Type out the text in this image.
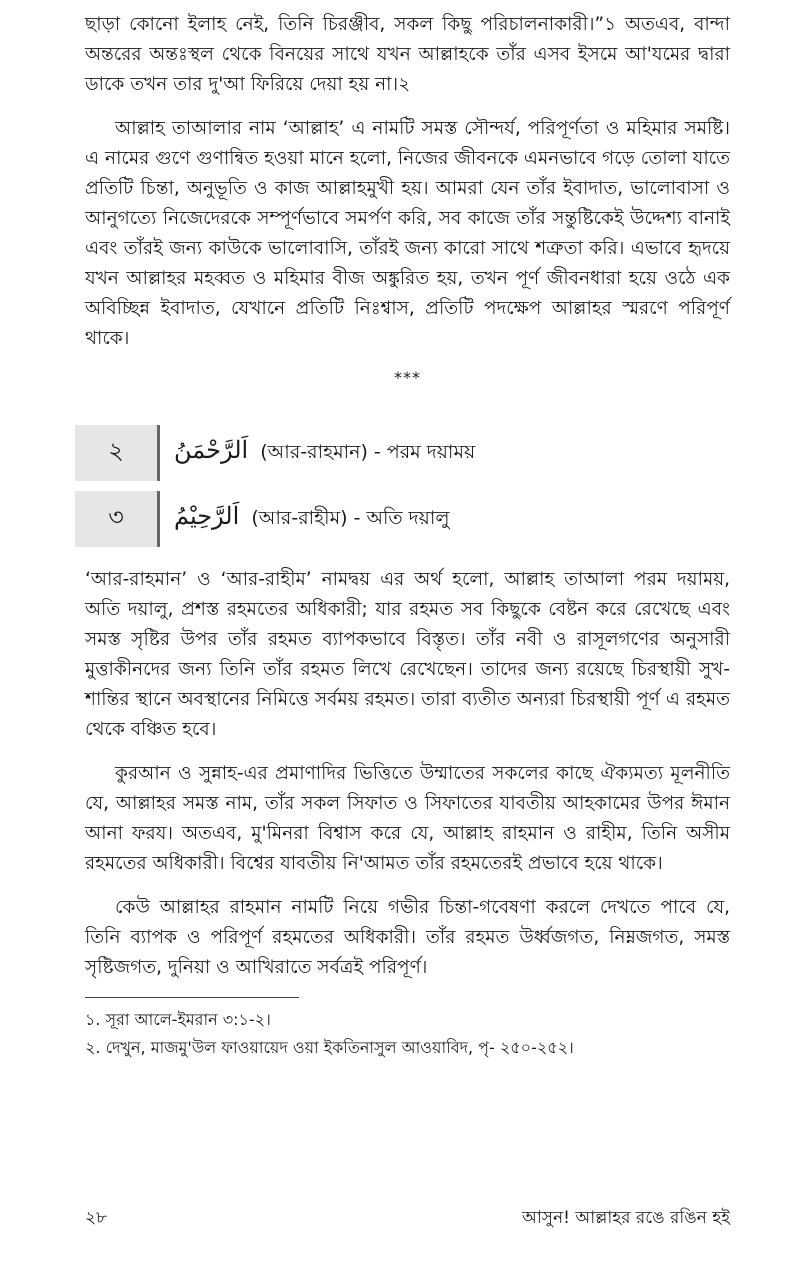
ছাড়া কোনো ইলাহ নেই, তিনি চিরঞ্জীব, সকল কিছু পরিচালনাকারী।”১ অতএব, বান্দা অন্তরের অন্তঃস্থল থেকে বিনয়ের সাথে যখন আল্লাহকে তাঁর এসব ইসমে আ'যমের দ্বারা ডাকে তখন তার দু'আ ফিরিয়ে দেয়া হয় না।২

আল্লাহ তাআলার নাম ‘আল্লাহ’ এ নামটি সমস্ত সৌন্দর্য, পরিপূর্ণতা ও মহিমার সমষ্টি। এ নামের গুণে গুণান্বিত হওয়া মানে হলো, নিজের জীবনকে এমনভাবে গড়ে তোলা যাতে প্রতিটি চিন্তা, অনুভূতি ও কাজ আল্লাহমুখী হয়। আমরা যেন তাঁর ইবাদাত, ভালোবাসা ও আনুগত্যে নিজেদেরকে সম্পূর্ণভাবে সমর্পণ করি, সব কাজে তাঁর সন্তুষ্টিকেই উদ্দেশ্য বানাই এবং তাঁরই জন্য কাউকে ভালোবাসি, তাঁরই জন্য কারো সাথে শত্রুতা করি। এভাবে হৃদয়ে যখন আল্লাহর মহব্বত ও মহিমার বীজ অঙ্কুরিত হয়, তখন পূর্ণ জীবনধারা হয়ে ওঠে এক অবিচ্ছিন্ন ইবাদাত, যেখানে প্রতিটি নিঃশ্বাস, প্রতিটি পদক্ষেপ আল্লাহর স্মরণে পরিপূর্ণ থাকে।

***
২	اَلرَّحْمَنُ (আর-রাহমান) - পরম দয়াময়
৩	اَلرَّحِيْمُ (আর-রাহীম) - অতি দয়ালু

‘আর-রাহমান’ ও ‘আর-রাহীম’ নামদ্বয় এর অর্থ হলো, আল্লাহ তাআলা পরম দয়াময়, অতি দয়ালু, প্রশস্ত রহমতের অধিকারী; যার রহমত সব কিছুকে বেষ্টন করে রেখেছে এবং সমস্ত সৃষ্টির উপর তাঁর রহমত ব্যাপকভাবে বিস্তৃত। তাঁর নবী ও রাসূলগণের অনুসারী মুত্তাকীনদের জন্য তিনি তাঁর রহমত লিখে রেখেছেন। তাদের জন্য রয়েছে চিরস্থায়ী সুখ-শান্তির স্থানে অবস্থানের নিমিত্তে সর্বময় রহমত। তারা ব্যতীত অন্যরা চিরস্থায়ী পূর্ণ এ রহমত থেকে বঞ্চিত হবে।

কুরআন ও সুন্নাহ-এর প্রমাণাদির ভিত্তিতে উম্মাতের সকলের কাছে ঐক্যমত্য মূলনীতি যে, আল্লাহর সমস্ত নাম, তাঁর সকল সিফাত ও সিফাতের যাবতীয় আহকামের উপর ঈমান আনা ফরয। অতএব, মু'মিনরা বিশ্বাস করে যে, আল্লাহ রাহমান ও রাহীম, তিনি অসীম রহমতের অধিকারী। বিশ্বের যাবতীয় নি'আমত তাঁর রহমতেরই প্রভাবে হয়ে থাকে।

কেউ আল্লাহর রাহমান নামটি নিয়ে গভীর চিন্তা-গবেষণা করলে দেখতে পাবে যে, তিনি ব্যাপক ও পরিপূর্ণ রহমতের অধিকারী। তাঁর রহমত উর্ধ্বজগত, নিম্নজগত, সমস্ত সৃষ্টিজগত, দুনিয়া ও আখিরাতে সর্বত্রই পরিপূর্ণ।

১. সূরা আলে-ইমরান ৩:১-২।
২. দেখুন, মাজমু'উল ফাওয়ায়েদ ওয়া ইকতিনাসুল আওয়াবিদ, পৃ- ২৫০-২৫২।
২৮	আসুন! আল্লাহর রঙে রঙিন হই
